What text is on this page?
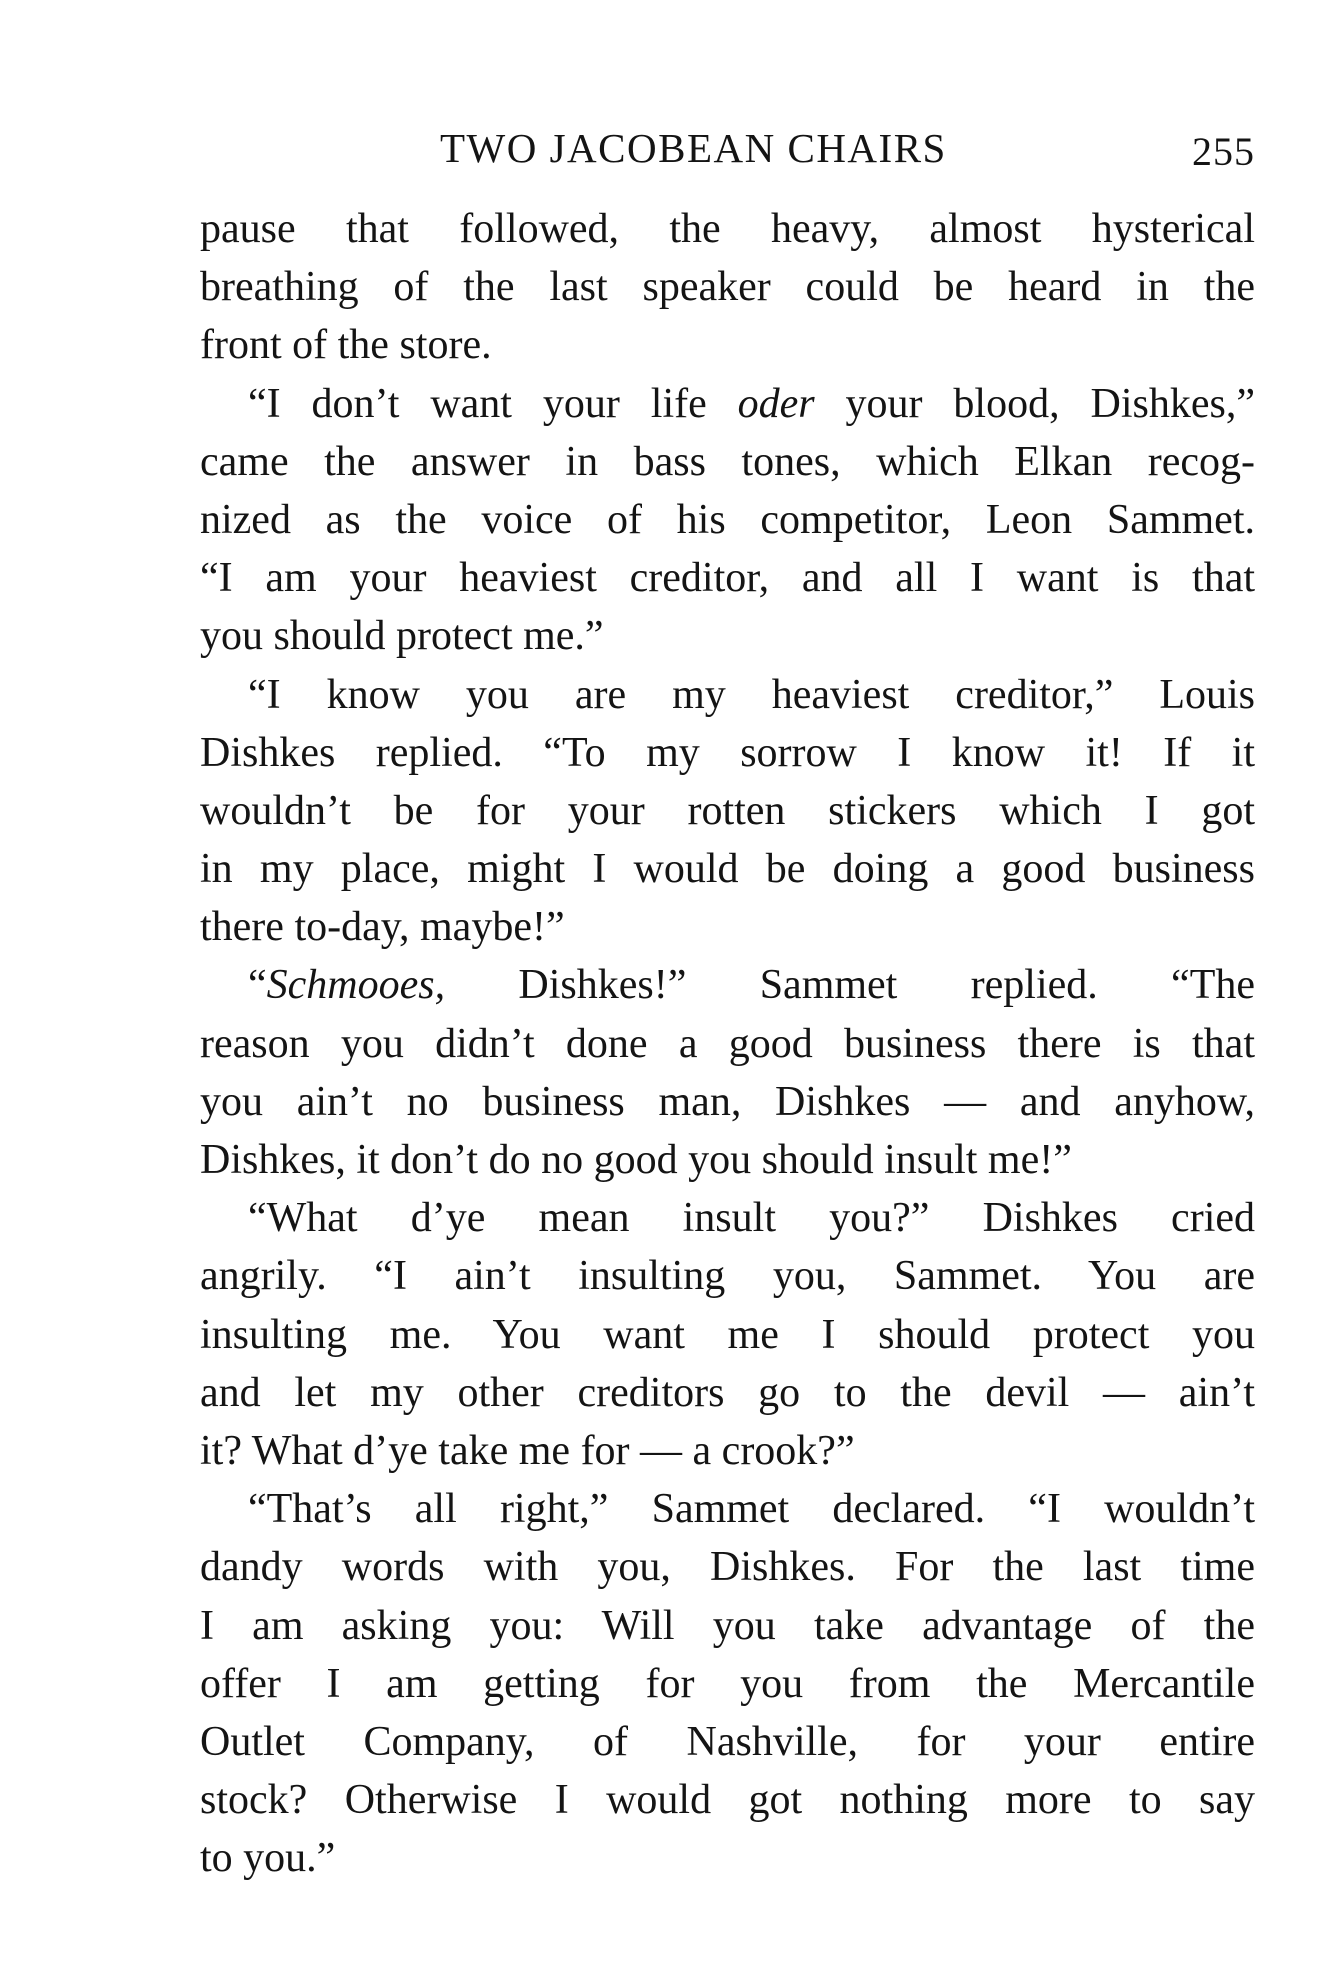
TWO JACOBEAN CHAIRS	255
pause that followed, the heavy, almost hysterical
breathing of the last speaker could be heard in the
front of the store.
“I don’t want your life oder your blood, Dishkes,”
came the answer in bass tones, which Elkan recog-
nized as the voice of his competitor, Leon Sammet.
“I am your heaviest creditor, and all I want is that
you should protect me.”
“I know you are my heaviest creditor,” Louis
Dishkes replied. “To my sorrow I know it! If it
wouldn’t be for your rotten stickers which I got
in my place, might I would be doing a good business
there to-day, maybe!”
“Schmooes, Dishkes!” Sammet replied. “The
reason you didn’t done a good business there is that
you ain’t no business man, Dishkes — and anyhow,
Dishkes, it don’t do no good you should insult me!”
“What d’ye mean insult you?” Dishkes cried
angrily. “I ain’t insulting you, Sammet. You are
insulting me. You want me I should protect you
and let my other creditors go to the devil — ain’t
it? What d’ye take me for — a crook?”
“That’s all right,” Sammet declared. “I wouldn’t
dandy words with you, Dishkes. For the last time
I am asking you: Will you take advantage of the
offer I am getting for you from the Mercantile
Outlet Company, of Nashville, for your entire
stock? Otherwise I would got nothing more to say
to you.”
